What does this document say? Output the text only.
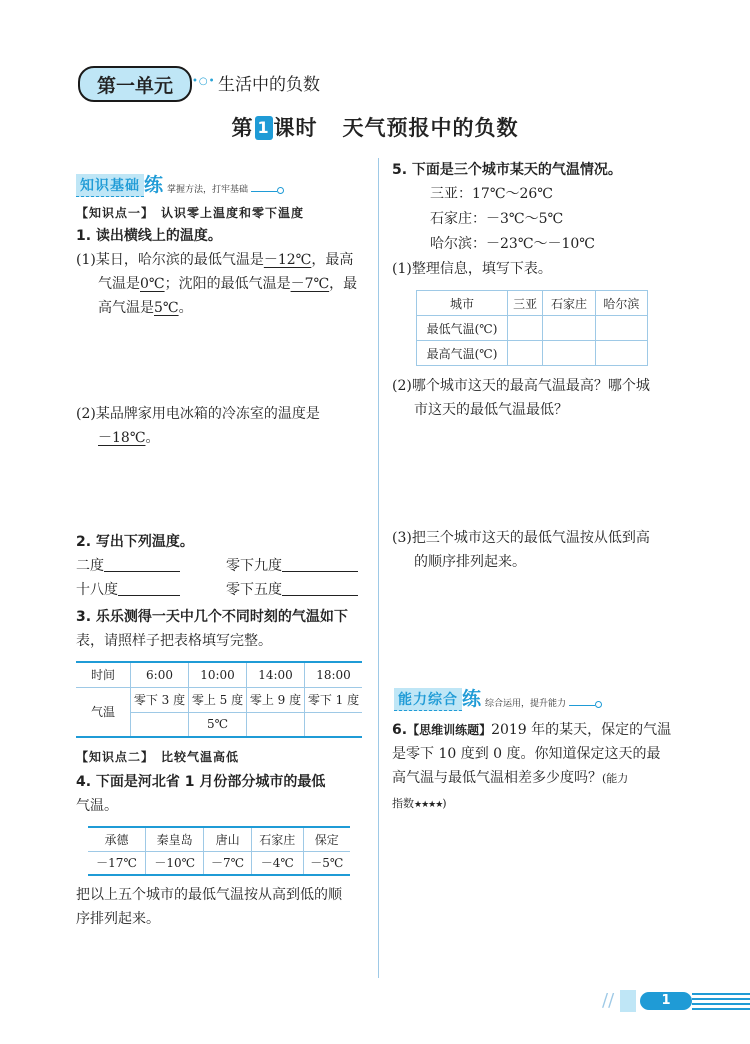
第一单元	•○• 生活中的负数
第 1 课时 天气预报中的负数
知识基础 练 掌握方法，打牢基础
【知识点一】　认识零上温度和零下温度
1. 读出横线上的温度。
(1)某日，哈尔滨的最低气温是－12℃，最高
气温是0℃；沈阳的最低气温是－7℃，最
高气温是5℃。
(2)某品牌家用电冰箱的冷冻室的温度是
－18℃。
2. 写出下列温度。
二度	零下九度
十八度	零下五度
3. 乐乐测得一天中几个不同时刻的气温如下
表，请照样子把表格填写完整。
时间	6:00	10:00	14:00	18:00
气温	零下 3 度	零上 5 度	零上 9 度	零下 1 度
		5℃		
【知识点二】　比较气温高低
4. 下面是河北省 1 月份部分城市的最低
气温。
承德	秦皇岛	唐山	石家庄	保定
－17℃	－10℃	－7℃	－4℃	－5℃
把以上五个城市的最低气温按从高到低的顺
序排列起来。
5. 下面是三个城市某天的气温情况。
三亚：17℃～26℃
石家庄：－3℃～5℃
哈尔滨：－23℃～－10℃
(1)整理信息，填写下表。
城市	三亚	石家庄	哈尔滨
最低气温(℃)			
最高气温(℃)			
(2)哪个城市这天的最高气温最高？哪个城
市这天的最低气温最低？
(3)把三个城市这天的最低气温按从低到高
的顺序排列起来。
能力综合 练 综合运用，提升能力
6.【思维训练题】2019 年的某天，保定的气温
是零下 10 度到 0 度。你知道保定这天的最
高气温与最低气温相差多少度吗？(能力
指数★★★★)
//	1
